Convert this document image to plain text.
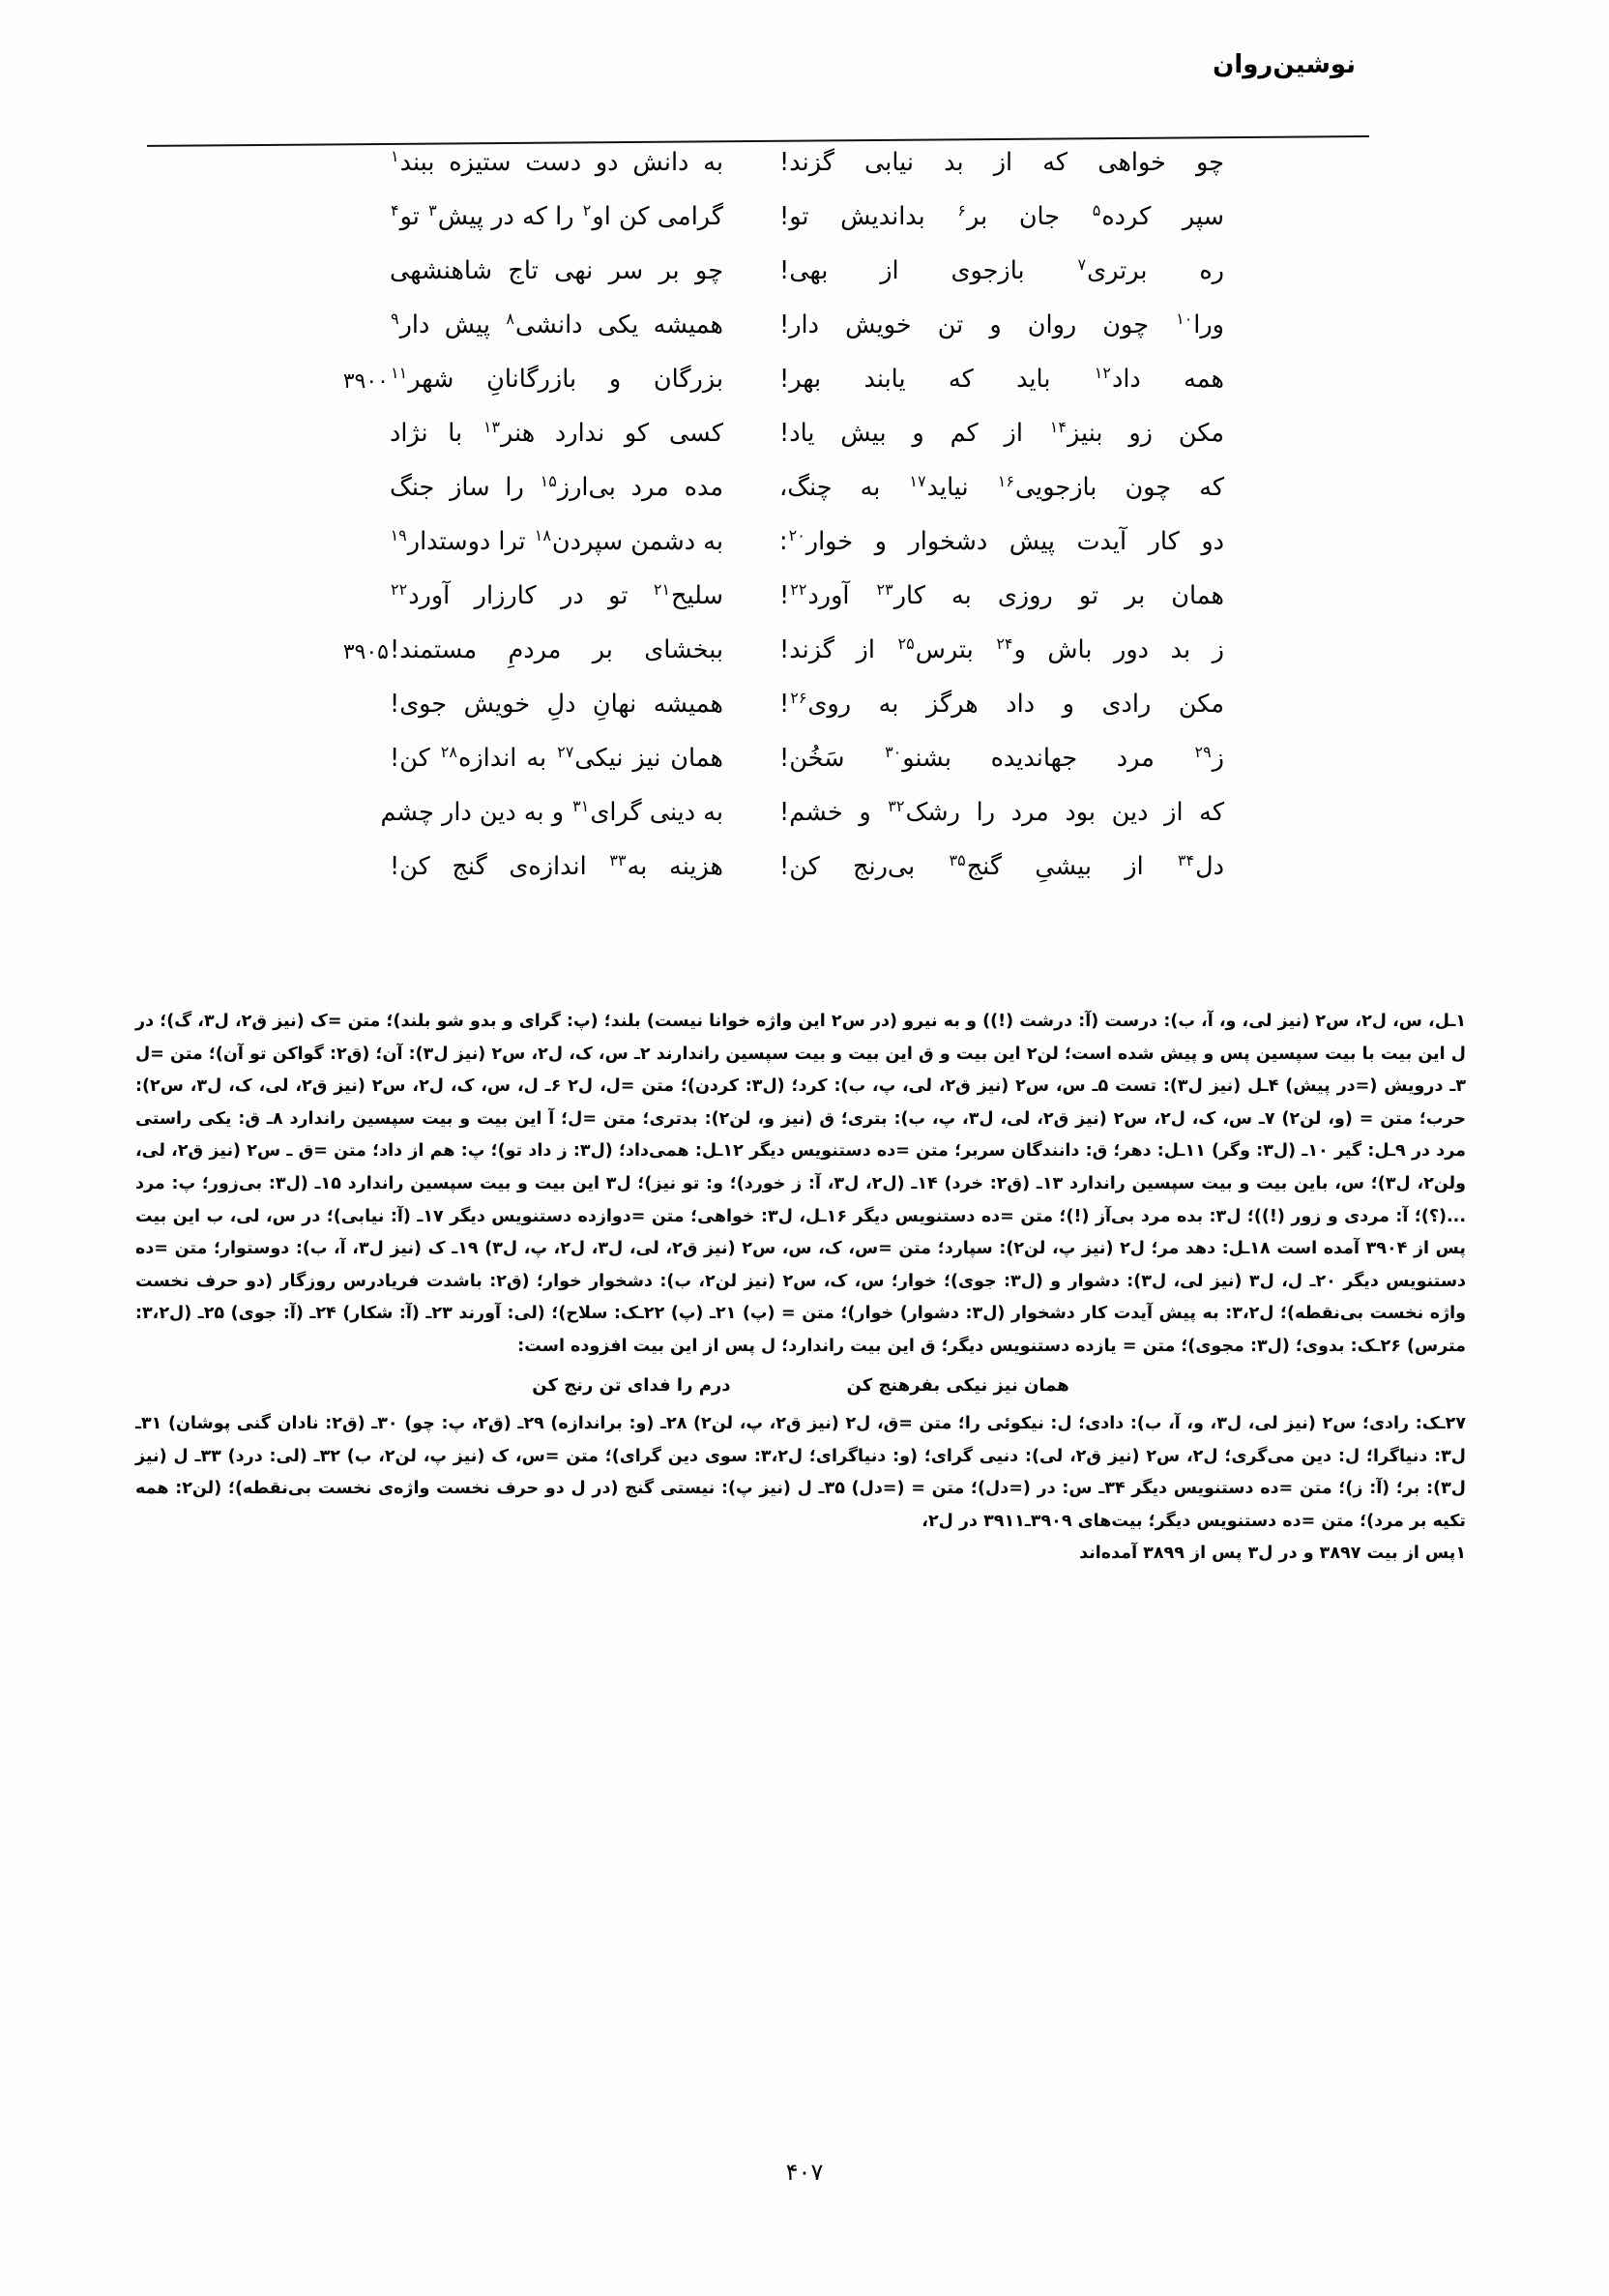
نوشین‌روان
به دانش دو دست ستیزه ببند$^۱$	چو خواهی که از بد نیابی گزند!
گرامی کن او$^۲$ را که در پیش$^۳$ تو$^۴$	سپر کرده$^۵$ جان بر$^۶$ بداندیش تو!
چو بر سر نهی تاج شاهنشهی	ره برتری$^۷$ بازجوی از بهی!
همیشه یکی دانشی$^۸$ پیش دار$^۹$	ورا$^{۱۰}$ چون روان و تن خویش دار!
۳۹۰۰ بزرگان و بازرگانانِ شهر$^{۱۱}$	همه داد$^{۱۲}$ باید که یابند بهر!
کسی کو ندارد هنر$^{۱۳}$ با نژاد	مکن زو بنیز$^{۱۴}$ از کم و بیش یاد!
مده مرد بی‌ارز$^{۱۵}$ را ساز جنگ	که چون بازجویی$^{۱۶}$ نیاید$^{۱۷}$ به چنگ،
به دشمن سپردن$^{۱۸}$ ترا دوستدار$^{۱۹}$	دو کار آیدت پیش دشخوار و خوار$^{۲۰}$:
سلیح$^{۲۱}$ تو در کارزار آورد$^{۲۲}$	همان بر تو روزی به کار$^{۲۳}$ آورد$^{۲۲}$!
۳۹۰۵ ببخشای بر مردمِ مستمند!	ز بد دور باش و$^{۲۴}$ بترس$^{۲۵}$ از گزند!
همیشه نهانِ دلِ خویش جوی!	مکن رادی و داد هرگز به روی$^{۲۶}$!
همان نیز نیکی$^{۲۷}$ به اندازه$^{۲۸}$ کن!	ز$^{۲۹}$ مرد جهاندیده بشنو$^{۳۰}$ سَخُن!
به دینی گرای$^{۳۱}$ و به دین دار چشم	که از دین بود مرد را رشک$^{۳۲}$ و خشم!
هزینه به$^{۳۳}$ اندازه‌ی گنج کن!	دل$^{۳۴}$ از بیشیِ گنج$^{۳۵}$ بی‌رنج کن!

۱ـل، س، ل۲، س۲ (نیز لی، و، آ، ب): درست (آ: درشت (!)) و به نیرو (در س۲ این واژه خوانا نیست) بلند؛ (پ: گرای و بدو شو بلند)؛ متن =ک (نیز ق۲، ل۳، گ)؛ در ل این بیت با بیت سپسین پس و پیش شده است؛ لن۲ این بیت و ق این بیت و بیت سپسین راندارند ۲ـ س، ک، ل۲، س۲ (نیز ل۳): آن؛ (ق۲: گواکن تو آن)؛ متن =ل ۳ـ درویش (=در پیش) ۴ـل (نیز ل۳): تست ۵ـ س، س۲ (نیز ق۲، لی، پ، ب): کرد؛ (ل۳: کردن)؛ متن =ل، ل۲ ۶ـ ل، س، ک، ل۲، س۲ (نیز ق۲، لی، ک، ل۳، س۲): حرب؛ متن = (و، لن۲) ۷ـ س، ک، ل۲، س۲ (نیز ق۲، لی، ل۳، پ، ب): بتری؛ ق (نیز و، لن۲): بدتری؛ متن =ل؛ آ این بیت و بیت سپسین راندارد ۸ـ ق: یکی راستی مرد در ۹ـل: گیر ۱۰ـ (ل۳: وگر) ۱۱ـل: دهر؛ ق: دانندگان سربر؛ متن =ده دستنویس دیگر ۱۲ـل: همی‌داد؛ (ل۳: ز داد تو)؛ پ: هم از داد؛ متن =ق ـ س۲ (نیز ق۲، لی، ولن۲، ل۳)؛ س، باین بیت و بیت سپسین راندارد ۱۳ـ (ق۲: خرد) ۱۴ـ (ل۲، ل۳، آ: ز خورد)؛ و: تو نیز)؛ ل۳ این بیت و بیت سپسین راندارد ۱۵ـ (ل۳: بی‌زور؛ پ: مرد ...(؟)؛ آ: مردی و زور (!))؛ ل۳: بده مرد بی‌آز (!)؛ متن =ده دستنویس دیگر ۱۶ـل، ل۳: خواهی؛ متن =دوازده دستنویس دیگر ۱۷ـ (آ: نیابی)؛ در س، لی، ب این بیت پس از ۳۹۰۴ آمده است ۱۸ـل: دهد مر؛ ل۲ (نیز پ، لن۲): سپارد؛ متن =س، ک، س، س۲ (نیز ق۲، لی، ل۳، ل۲، پ، ل۳) ۱۹ـ ک (نیز ل۳، آ، ب): دوستوار؛ متن =ده دستنویس دیگر ۲۰ـ ل، ل۳ (نیز لی، ل۳): دشوار و (ل۳: جوی)؛ خوار؛ س، ک، س۲ (نیز لن۲، ب): دشخوار خوار؛ (ق۲: باشدت فریادرس روزگار (دو حرف نخست واژه نخست بی‌نقطه)؛ ل۳،۲: به پیش آیدت کار دشخوار (ل۳: دشوار) خوار)؛ متن = (پ) ۲۱ـ (پ) ۲۲ـک: سلاح)؛ (لی: آورند ۲۳ـ (آ: شکار) ۲۴ـ (آ: جوی) ۲۵ـ (ل۳،۲: مترس) ۲۶ـک: بدوی؛ (ل۳: مجوی)؛ متن = یازده دستنویس دیگر؛ ق این بیت راندارد؛ ل پس از این بیت افزوده است:

همان نیز نیکی بفرهنج کن
درم را فدای تن رنج کن

۲۷ـک: رادی؛ س۲ (نیز لی، ل۳، و، آ، ب): دادی؛ ل: نیکوئی را؛ متن =ق، ل۲ (نیز ق۲، پ، لن۲) ۲۸ـ (و: براندازه) ۲۹ـ (ق۲، پ: چو) ۳۰ـ (ق۲: نادان گنی پوشان) ۳۱ـ ل۳: دنیاگرا؛ ل: دین می‌گری؛ ل۲، س۲ (نیز ق۲، لی): دنیی گرای؛ (و: دنیاگرای؛ ل۳،۲: سوی دین گرای)؛ متن =س، ک (نیز پ، لن۲، ب) ۳۲ـ (لی: درد) ۳۳ـ ل (نیز ل۳): بر؛ (آ: ز)؛ متن =ده دستنویس دیگر ۳۴ـ س: در (=دل)؛ متن = (=دل) ۳۵ـ ل (نیز پ): نیستی گنج (در ل دو حرف نخست واژه‌ی نخست بی‌نقطه)؛ (لن۲: همه تکیه بر مرد)؛ متن =ده دستنویس دیگر؛ بیت‌های ۳۹۰۹ـ۳۹۱۱ در ل۲،

۱پس از بیت ۳۸۹۷ و در ل۳ پس از ۳۸۹۹ آمده‌اند

۴۰۷
